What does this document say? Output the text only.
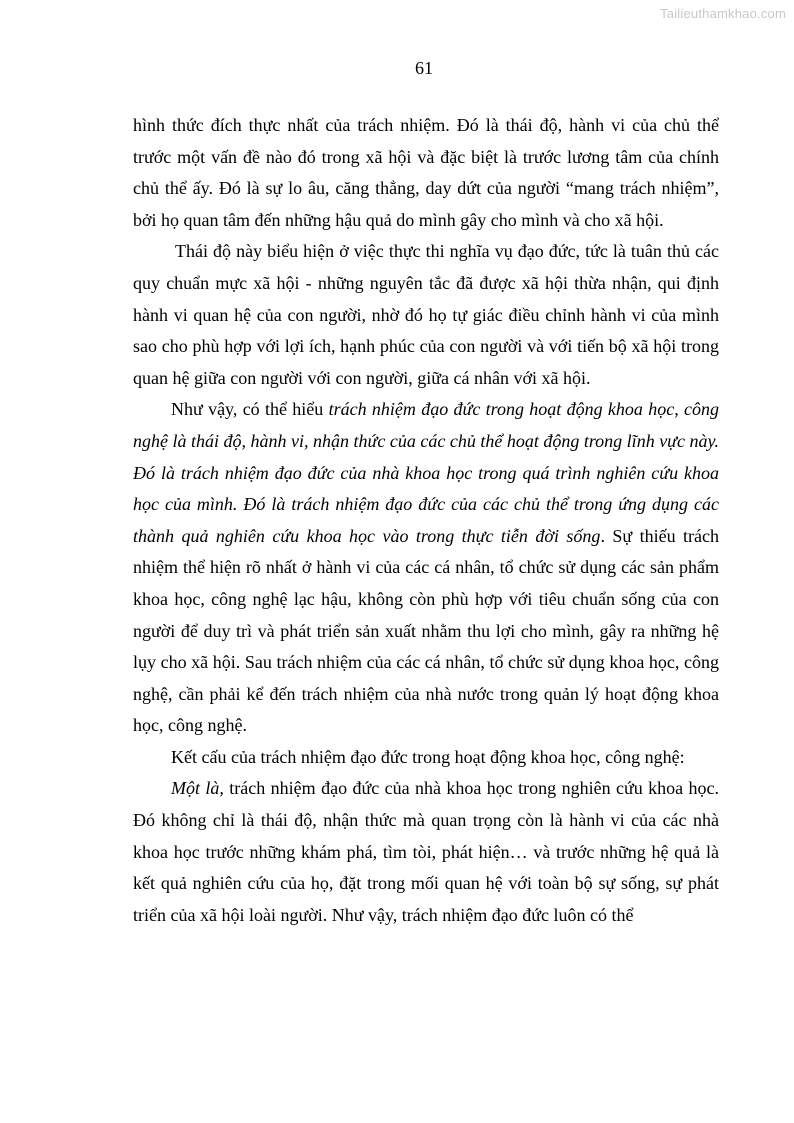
Tailieuthamkhao.com
61

hình thức đích thực nhất của trách nhiệm. Đó là thái độ, hành vi của chủ thể trước một vấn đề nào đó trong xã hội và đặc biệt là trước lương tâm của chính chủ thể ấy. Đó là sự lo âu, căng thẳng, day dứt của người “mang trách nhiệm”, bởi họ quan tâm đến những hậu quả do mình gây cho mình và cho xã hội.

Thái độ này biểu hiện ở việc thực thi nghĩa vụ đạo đức, tức là tuân thủ các quy chuẩn mực xã hội - những nguyên tắc đã được xã hội thừa nhận, qui định hành vi quan hệ của con người, nhờ đó họ tự giác điều chỉnh hành vi của mình sao cho phù hợp với lợi ích, hạnh phúc của con người và với tiến bộ xã hội trong quan hệ giữa con người với con người, giữa cá nhân với xã hội.

Như vậy, có thể hiểu trách nhiệm đạo đức trong hoạt động khoa học, công nghệ là thái độ, hành vi, nhận thức của các chủ thể hoạt động trong lĩnh vực này. Đó là trách nhiệm đạo đức của nhà khoa học trong quá trình nghiên cứu khoa học của mình. Đó là trách nhiệm đạo đức của các chủ thể trong ứng dụng các thành quả nghiên cứu khoa học vào trong thực tiễn đời sống. Sự thiếu trách nhiệm thể hiện rõ nhất ở hành vi của các cá nhân, tổ chức sử dụng các sản phẩm khoa học, công nghệ lạc hậu, không còn phù hợp với tiêu chuẩn sống của con người để duy trì và phát triển sản xuất nhằm thu lợi cho mình, gây ra những hệ lụy cho xã hội. Sau trách nhiệm của các cá nhân, tổ chức sử dụng khoa học, công nghệ, cần phải kể đến trách nhiệm của nhà nước trong quản lý hoạt động khoa học, công nghệ.

Kết cấu của trách nhiệm đạo đức trong hoạt động khoa học, công nghệ:

Một là, trách nhiệm đạo đức của nhà khoa học trong nghiên cứu khoa học. Đó không chỉ là thái độ, nhận thức mà quan trọng còn là hành vi của các nhà khoa học trước những khám phá, tìm tòi, phát hiện… và trước những hệ quả là kết quả nghiên cứu của họ, đặt trong mối quan hệ với toàn bộ sự sống, sự phát triển của xã hội loài người. Như vậy, trách nhiệm đạo đức luôn có thể
